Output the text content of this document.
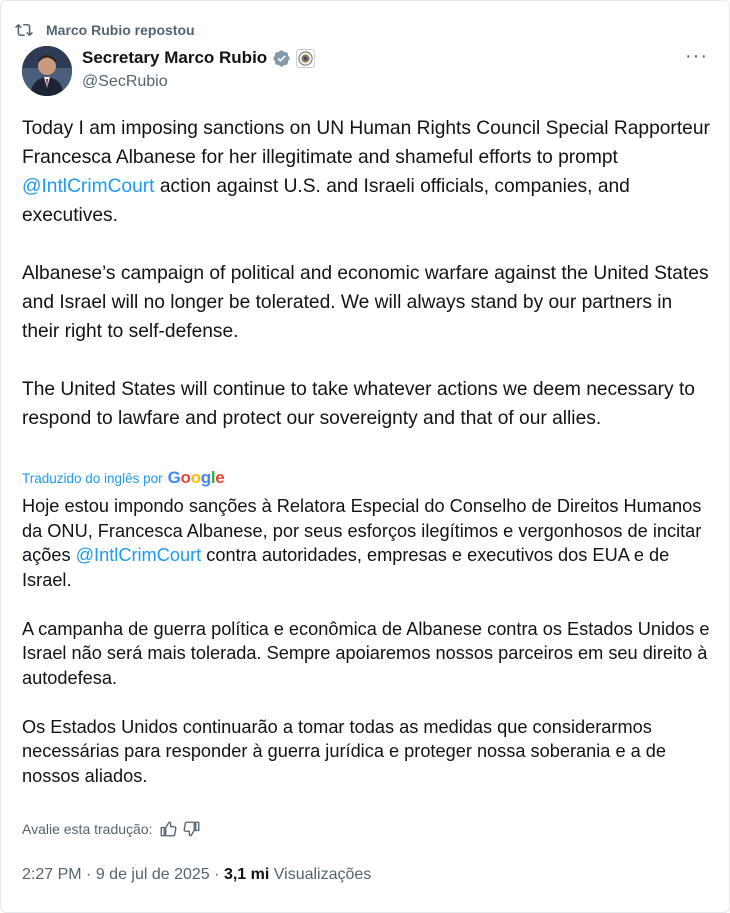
Marco Rubio repostou
Secretary Marco Rubio
@SecRubio
···

Today I am imposing sanctions on UN Human Rights Council Special Rapporteur Francesca Albanese for her illegitimate and shameful efforts to prompt @IntlCrimCourt action against U.S. and Israeli officials, companies, and executives.

Albanese’s campaign of political and economic warfare against the United States and Israel will no longer be tolerated. We will always stand by our partners in their right to self-defense.

The United States will continue to take whatever actions we deem necessary to respond to lawfare and protect our sovereignty and that of our allies.

Traduzido do inglês por Google

Hoje estou impondo sanções à Relatora Especial do Conselho de Direitos Humanos da ONU, Francesca Albanese, por seus esforços ilegítimos e vergonhosos de incitar ações @IntlCrimCourt contra autoridades, empresas e executivos dos EUA e de Israel.

A campanha de guerra política e econômica de Albanese contra os Estados Unidos e Israel não será mais tolerada. Sempre apoiaremos nossos parceiros em seu direito à autodefesa.

Os Estados Unidos continuarão a tomar todas as medidas que considerarmos necessárias para responder à guerra jurídica e proteger nossa soberania e a de nossos aliados.

Avalie esta tradução:
2:27 PM · 9 de jul de 2025 · 3,1 mi Visualizações
